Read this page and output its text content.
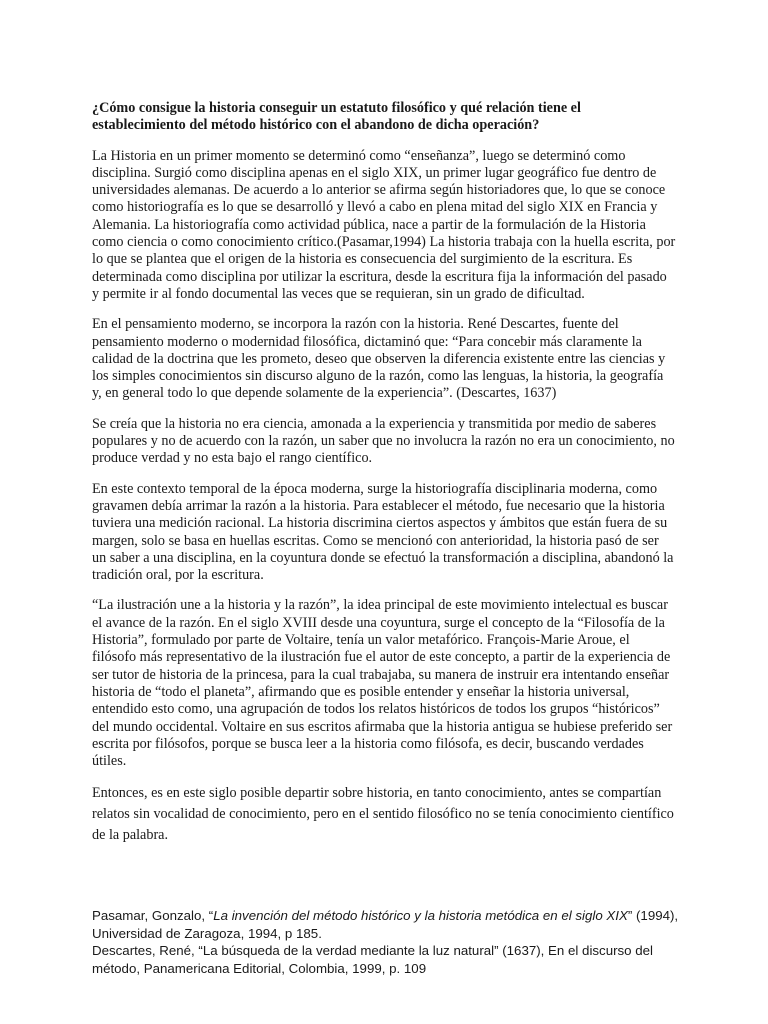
¿Cómo consigue la historia conseguir un estatuto filosófico y qué relación tiene el establecimiento del método histórico con el abandono de dicha operación?

La Historia en un primer momento se determinó como “enseñanza”, luego se determinó como disciplina. Surgió como disciplina apenas en el siglo XIX, un primer lugar geográfico fue dentro de universidades alemanas. De acuerdo a lo anterior se afirma según historiadores que, lo que se conoce como historiografía es lo que se desarrolló y llevó a cabo en plena mitad del siglo XIX en Francia y Alemania. La historiografía como actividad pública, nace a partir de la formulación de la Historia como ciencia o como conocimiento crítico.(Pasamar,1994) La historia trabaja con la huella escrita, por lo que se plantea que el origen de la historia es consecuencia del surgimiento de la escritura. Es determinada como disciplina por utilizar la escritura, desde la escritura fija la información del pasado y permite ir al fondo documental las veces que se requieran, sin un grado de dificultad.

En el pensamiento moderno, se incorpora la razón con la historia. René Descartes, fuente del pensamiento moderno o modernidad filosófica, dictaminó que: “Para concebir más claramente la calidad de la doctrina que les prometo, deseo que observen la diferencia existente entre las ciencias y los simples conocimientos sin discurso alguno de la razón, como las lenguas, la historia, la geografía y, en general todo lo que depende solamente de la experiencia”. (Descartes, 1637)

Se creía que la historia no era ciencia, amonada a la experiencia y transmitida por medio de saberes populares y no de acuerdo con la razón, un saber que no involucra la razón no era un conocimiento, no produce verdad y no esta bajo el rango científico.

En este contexto temporal de la época moderna, surge la historiografía disciplinaria moderna, como gravamen debía arrimar la razón a la historia. Para establecer el método, fue necesario que la historia tuviera una medición racional. La historia discrimina ciertos aspectos y ámbitos que están fuera de su margen, solo se basa en huellas escritas. Como se mencionó con anterioridad, la historia pasó de ser un saber a una disciplina, en la coyuntura donde se efectuó la transformación a disciplina, abandonó la tradición oral, por la escritura.

“La ilustración une a la historia y la razón”, la idea principal de este movimiento intelectual es buscar el avance de la razón. En el siglo XVIII desde una coyuntura, surge el concepto de la “Filosofía de la Historia”, formulado por parte de Voltaire, tenía un valor metafórico. François-Marie Aroue, el filósofo más representativo de la ilustración fue el autor de este concepto, a partir de la experiencia de ser tutor de historia de la princesa, para la cual trabajaba, su manera de instruir era intentando enseñar historia de “todo el planeta”, afirmando que es posible entender y enseñar la historia universal, entendido esto como, una agrupación de todos los relatos históricos de todos los grupos “históricos” del mundo occidental. Voltaire en sus escritos afirmaba que la historia antigua se hubiese preferido ser escrita por filósofos, porque se busca leer a la historia como filósofa, es decir, buscando verdades útiles.

Entonces, es en este siglo posible departir sobre historia, en tanto conocimiento, antes se compartían relatos sin vocalidad de conocimiento, pero en el sentido filosófico no se tenía conocimiento científico de la palabra.

Pasamar, Gonzalo, “La invención del método histórico y la historia metódica en el siglo XIX” (1994), Universidad de Zaragoza, 1994, p 185.

Descartes, René, “La búsqueda de la verdad mediante la luz natural” (1637), En el discurso del método, Panamericana Editorial, Colombia, 1999, p. 109
